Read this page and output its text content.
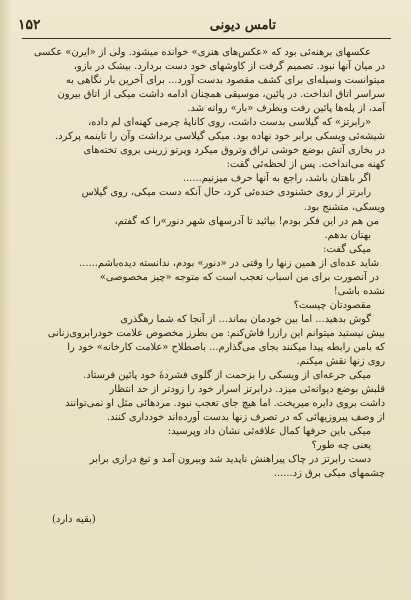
۱۵۲	تامس دیونی

عکسهای برهنه‌ئی بود که «عکس‌های هنری» خوانده میشود. ولی از «ایرن» عکسی

در میان آنها نبود. تصمیم گرفت از کاوشهای خود دست بردارد. بیشک در بازو،

میتوانست وسیله‌ای برای کشف مقصود بدست آورد... برای آخرین بار نگاهی به

سراسر اتاق انداخت. در پائین، موسیقی همچنان ادامه داشت میکی از اتاق بیرون

آمد، از پله‌ها پائین رفت وبطرف «بار» روانه شد.

«رابرتز» که گیلاسی بدست داشت، روی کاناپهٔ چرمی کهنه‌ای لم داده،

شیشه‌ئی ویسکی برابر خود نهاده بود. میکی گیلاسی برداشت وآن را تاینمه پرکرد.

در بخاری آتش بوضع خوشی تراق وتروق میکرد وپرتو زرینی بروی تخته‌های

کهنه می‌انداخت. پس از لحظه‌ئی گفت:

اگر باهتان باشد، راجع به آنها حرف میزنیم......

رابرتز از روی خشنودی خنده‌ئی کرد، حال آنکه دست میکی، روی گیلاس

ویسکی، متشنج بود.

من هم در این فکر بودم! بیائید تا آدرسهای شهر دنور»را که گفتم،

بهتان بدهم.

میکی گفت:

شاید عده‌ای از همین زنها را وقتی در «دنور» بودم، ندانسته دیده‌باشم......

در آنصورت برای من اسباب تعجب است که متوجه «چیز مخصوصی»

نشده باشی!

مقصودتان چیست؟

گوش بدهید... اما بین خودمان بماند... از آنجا که شما رهگذری

بیش نیستید میتوانم این رازرا فاش‌کنم: من بطرز مخصوص علامت خودرابروی‌زنانی

که بامن رابطه پیدا میکنند بجای می‌گذارم... باصطلاح «علامت کارخانه» خود را

روی زنها نقش میکنم.

میکی جرعه‌ای از ویسکی را بزحمت از گلوی فشردهٔ خود پائین فرستاد.

قلبش بوضع دیوانه‌ئی میزد. درابرتز اسرار خود را زودتر از حد انتظار

داشت بروی دایره میریخت. اما هیچ جای تعجب نبود. مردهائی مثل او نمی‌توانند

از وصف پیروزیهائی که در تصرف زنها بدست آورده‌اند خودداری کنند.

میکی باین حرفها کمال علاقه‌ئی نشان داد وپرسید:

یعنی چه طور؟

دست رابرتز در چاک پیراهنش ناپدید شد وبیرون آمد و تیغ درازی برابر

چشمهای میکی برق زد......

(بقیه دارد)
